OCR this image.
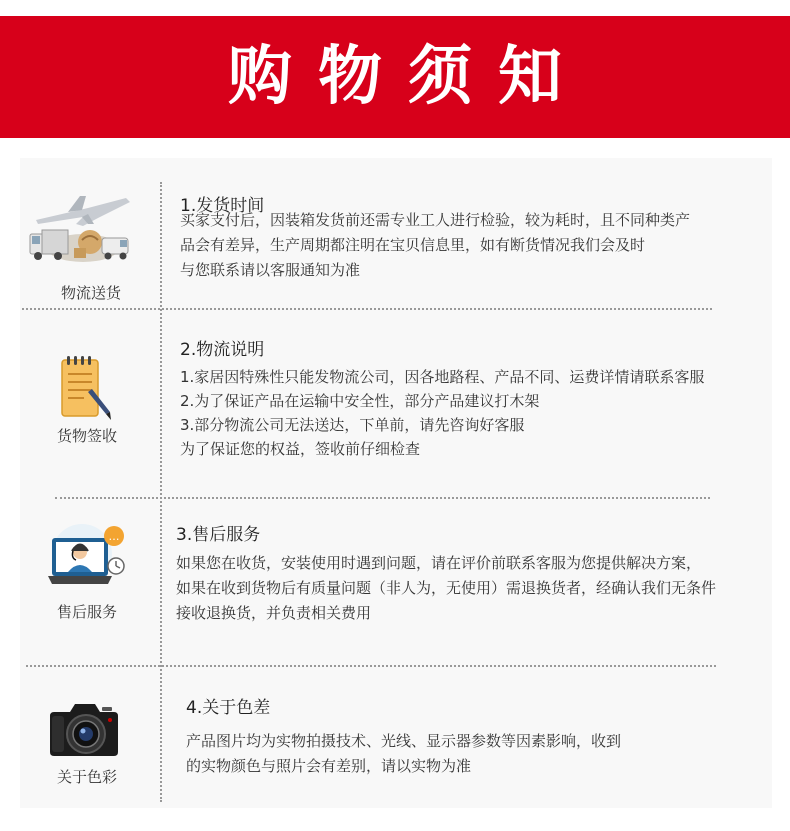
购物须知
物流送货
1.发货时间
买家支付后，因装箱发货前还需专业工人进行检验，较为耗时，且不同种类产
品会有差异，生产周期都注明在宝贝信息里，如有断货情况我们会及时
与您联系请以客服通知为准
货物签收
2.物流说明
1.家居因特殊性只能发物流公司，因各地路程、产品不同、运费详情请联系客服
2.为了保证产品在运输中安全性，部分产品建议打木架
3.部分物流公司无法送达，下单前，请先咨询好客服
为了保证您的权益，签收前仔细检查
…
售后服务
3.售后服务
如果您在收货，安装使用时遇到问题，请在评价前联系客服为您提供解决方案，
如果在收到货物后有质量问题（非人为，无使用）需退换货者，经确认我们无条件
接收退换货，并负责相关费用
关于色彩
4.关于色差
产品图片均为实物拍摄技术、光线、显示器参数等因素影响，收到
的实物颜色与照片会有差别，请以实物为准
